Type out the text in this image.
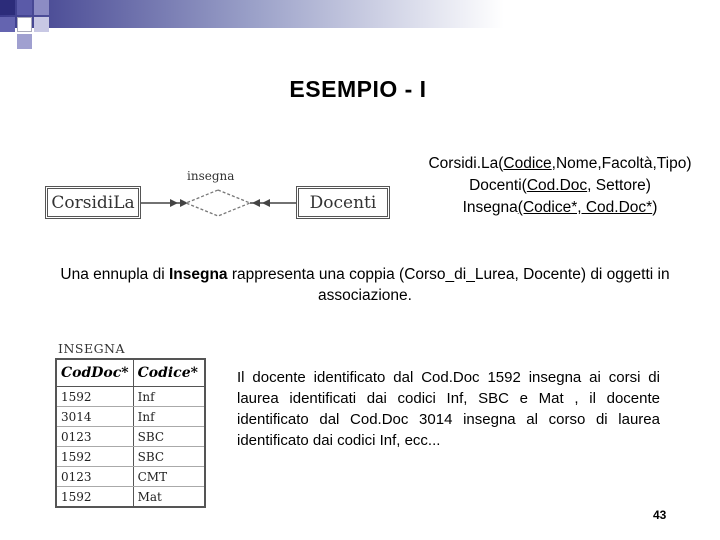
ESEMPIO - I
CorsidiLa
insegna
Docenti
Corsidi.La(Codice,Nome,Facoltà,Tipo)
Docenti(Cod.Doc, Settore)
Insegna(Codice*, Cod.Doc*)
Una ennupla di Insegna rappresenta una coppia (Corso_di_Lurea, Docente) di oggetti in associazione.
INSEGNA
CodDoc*	Codice*
1592	Inf
3014	Inf
0123	SBC
1592	SBC
0123	CMT
1592	Mat
Il docente identificato dal Cod.Doc 1592 insegna ai corsi di laurea identificati dai codici Inf, SBC e Mat , il docente identificato dal Cod.Doc 3014 insegna al corso di laurea identificato dai codici Inf, ecc...
43
